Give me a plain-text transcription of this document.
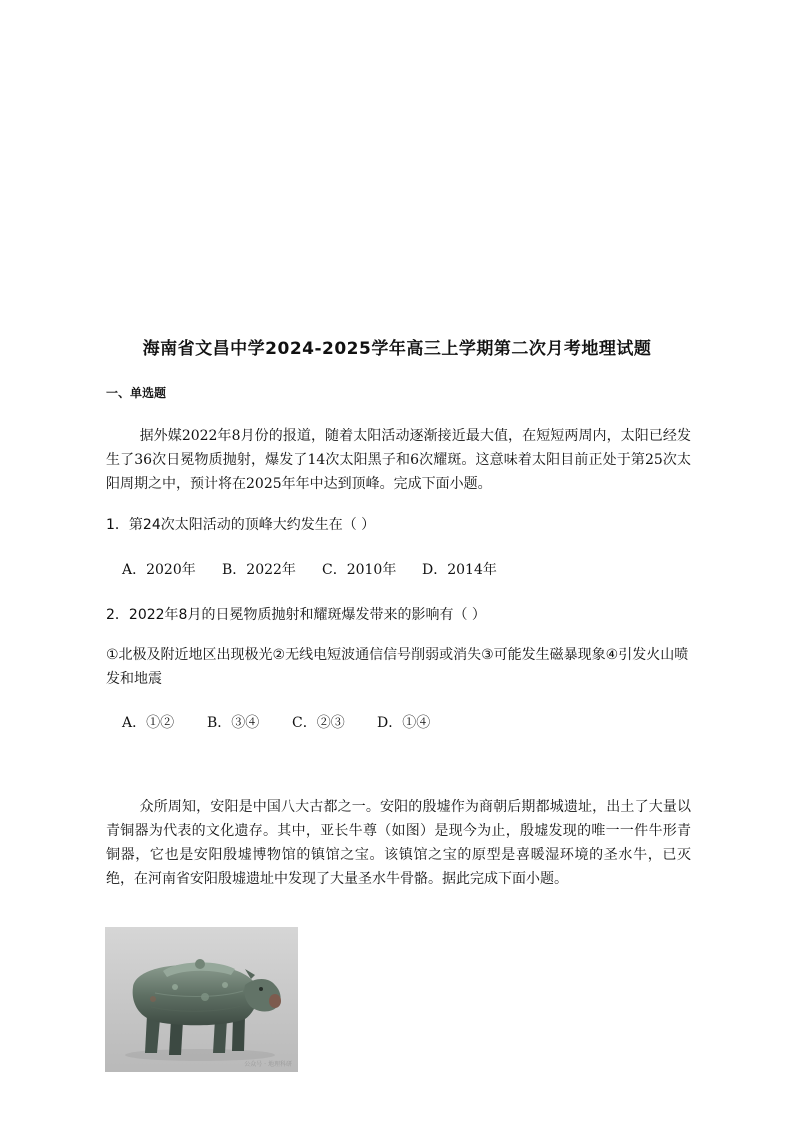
海南省文昌中学2024-2025学年高三上学期第二次月考地理试题
一、单选题
据外媒2022年8月份的报道，随着太阳活动逐渐接近最大值，在短短两周内，太阳已经发生了36次日冕物质抛射，爆发了14次太阳黑子和6次耀斑。这意味着太阳目前正处于第25次太阳周期之中，预计将在2025年年中达到顶峰。完成下面小题。
1．第24次太阳活动的顶峰大约发生在（ ）
A．2020年	B．2022年	C．2010年	D．2014年
2．2022年8月的日冕物质抛射和耀斑爆发带来的影响有（ ）
①北极及附近地区出现极光②无线电短波通信信号削弱或消失③可能发生磁暴现象④引发火山喷发和地震
A．①②	B．③④	C．②③	D．①④
众所周知，安阳是中国八大古都之一。安阳的殷墟作为商朝后期都城遗址，出土了大量以青铜器为代表的文化遗存。其中，亚长牛尊（如图）是现今为止，殷墟发现的唯一一件牛形青铜器，它也是安阳殷墟博物馆的镇馆之宝。该镇馆之宝的原型是喜暖湿环境的圣水牛，已灭绝，在河南省安阳殷墟遗址中发现了大量圣水牛骨骼。据此完成下面小题。
公众号 · 地理科研
